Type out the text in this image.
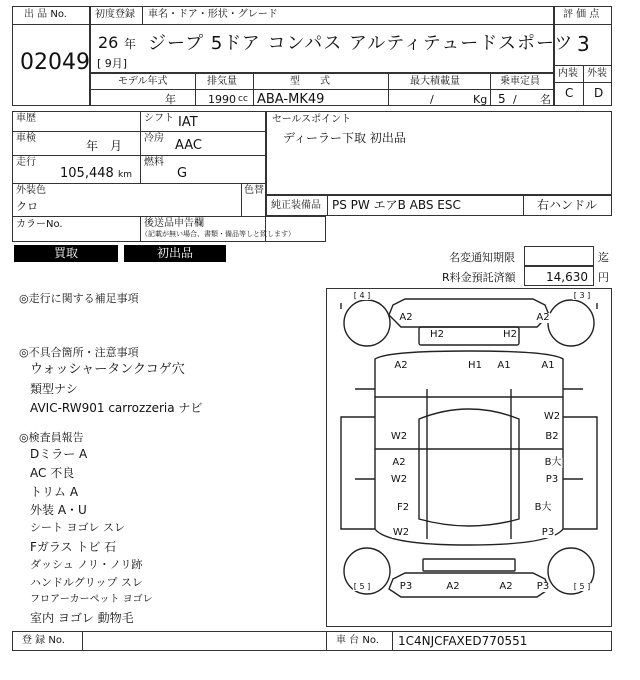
出 品 No.
02049
初度登録 車名・ドア・形状・グレード
26 年
[ 9月]
ジープ 5ドア コンパス アルティテュードスポーツ
評 価 点
3
内装 外装
C D
モデル年式	排気量	型　　式	最大積載量	乗車定員
年	1990 cc ABA-MK49	/	Kg 5 / 名
車歴	シフト IAT
車検
年　月
冷房 AAC
走行
105,448 km
燃料
G
外装色
クロ
色替
セールスポイント
ディーラー下取 初出品
純正装備品 PS PW エアB ABS ESC	右ハンドル
カラーNo.	後送品申告欄
（記載が無い場合、書類・備品等しと致します）
買取	初出品	名変通知期限	迄
R料金預託済額	14,630 円
◎走行に関する補足事項
◎不具合箇所・注意事項
ウォッシャータンクコゲ穴
類型ナシ
AVIC-RW901 carrozzeria ナビ
◎検査員報告
Dミラー A
AC 不良
トリム A
外装 A・U
シート ヨゴレ スレ
Fガラス トビ 石
ダッシュ ノリ・ノリ跡
ハンドルグリップ スレ
フロアーカーペット ヨゴレ
室内 ヨゴレ 動物毛
[ 4 ]	[ 3 ]
[ 5 ]	[ 5 ]
A2	A2
H2	H2
A2	H1 A1	A1
W2
B2
W2
A2	B大
W2	P3
F2	B大
W2	P3
P3	A2	A2 P3
登 録 No.	車 台 No. 1C4NJCFAXED770551
